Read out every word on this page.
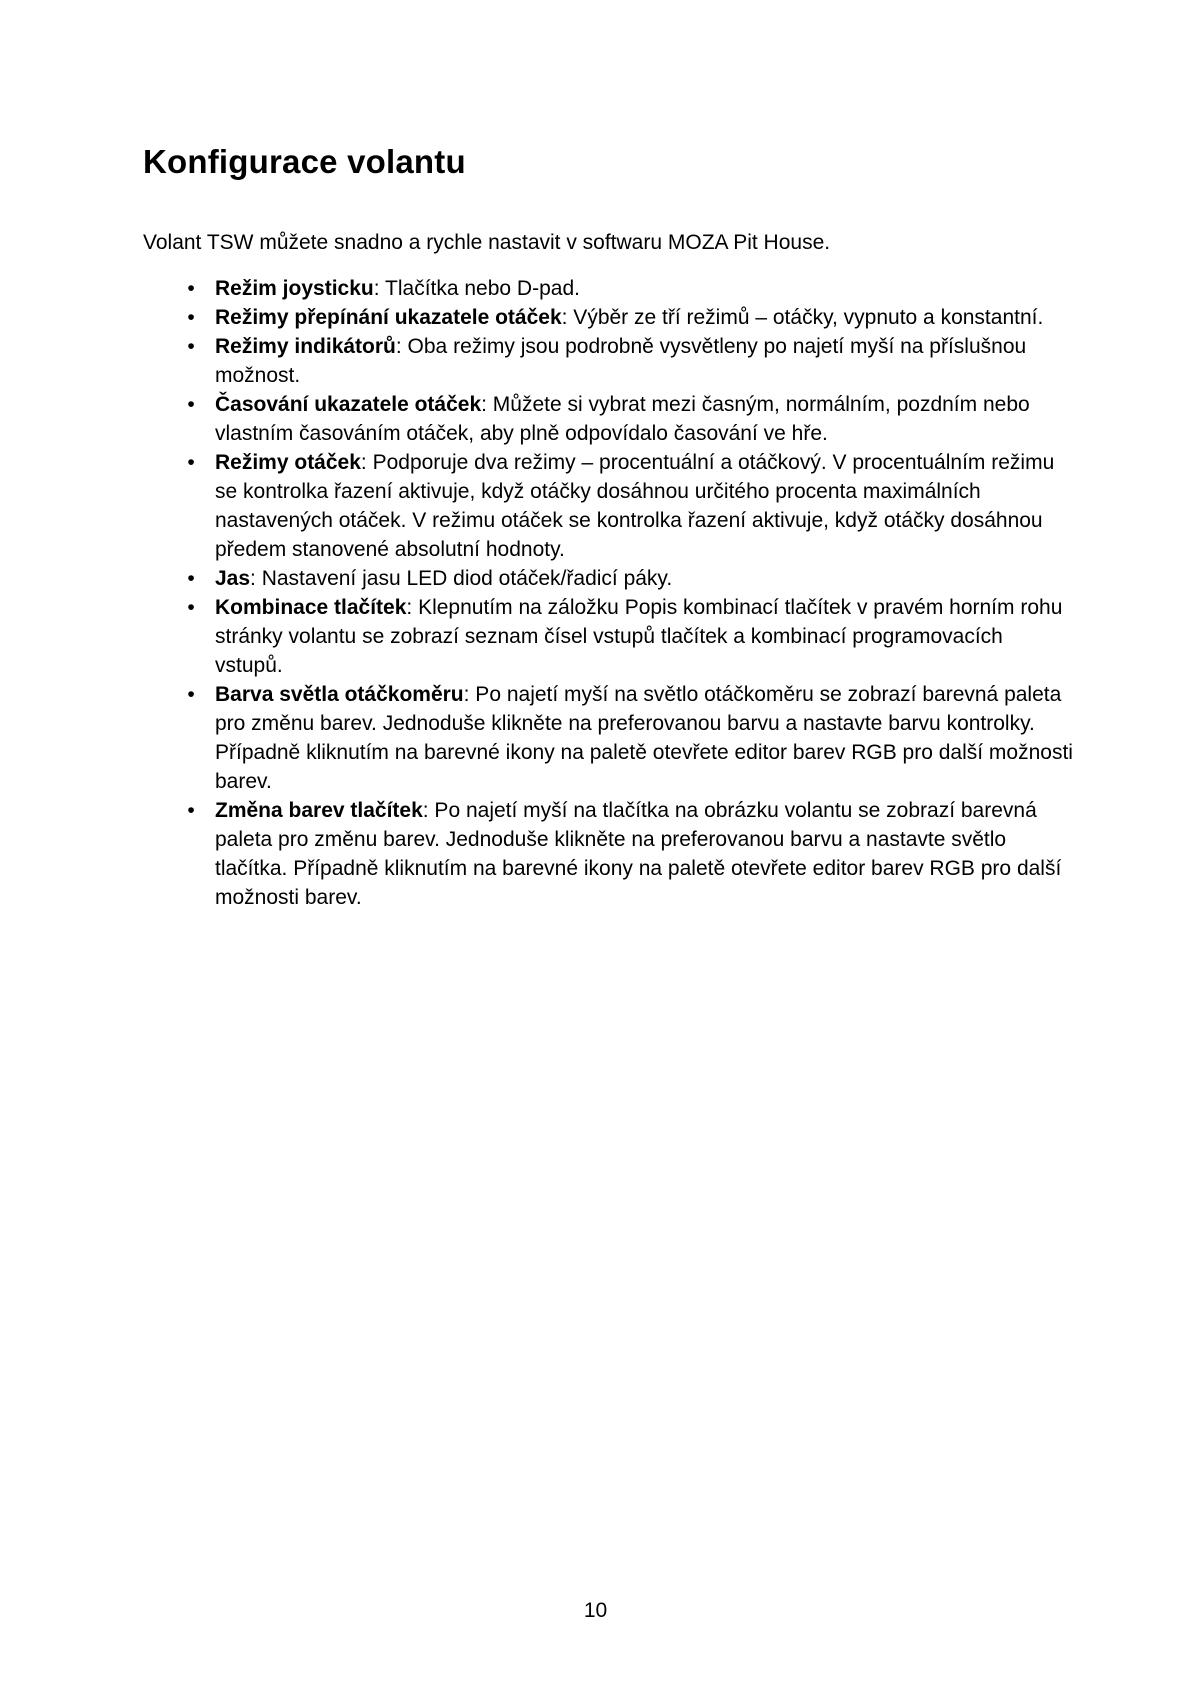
Konfigurace volantu

Volant TSW můžete snadno a rychle nastavit v softwaru MOZA Pit House.

• Režim joysticku: Tlačítka nebo D-pad.
• Režimy přepínání ukazatele otáček: Výběr ze tří režimů – otáčky, vypnuto a konstantní.
• Režimy indikátorů: Oba režimy jsou podrobně vysvětleny po najetí myší na příslušnou možnost.
• Časování ukazatele otáček: Můžete si vybrat mezi časným, normálním, pozdním nebo vlastním časováním otáček, aby plně odpovídalo časování ve hře.
• Režimy otáček: Podporuje dva režimy – procentuální a otáčkový. V procentuálním režimu se kontrolka řazení aktivuje, když otáčky dosáhnou určitého procenta maximálních nastavených otáček. V režimu otáček se kontrolka řazení aktivuje, když otáčky dosáhnou předem stanovené absolutní hodnoty.
• Jas: Nastavení jasu LED diod otáček/řadicí páky.
• Kombinace tlačítek: Klepnutím na záložku Popis kombinací tlačítek v pravém horním rohu stránky volantu se zobrazí seznam čísel vstupů tlačítek a kombinací programovacích vstupů.
• Barva světla otáčkoměru: Po najetí myší na světlo otáčkoměru se zobrazí barevná paleta pro změnu barev. Jednoduše klikněte na preferovanou barvu a nastavte barvu kontrolky. Případně kliknutím na barevné ikony na paletě otevřete editor barev RGB pro další možnosti barev.
• Změna barev tlačítek: Po najetí myší na tlačítka na obrázku volantu se zobrazí barevná paleta pro změnu barev. Jednoduše klikněte na preferovanou barvu a nastavte světlo tlačítka. Případně kliknutím na barevné ikony na paletě otevřete editor barev RGB pro další možnosti barev.
10
